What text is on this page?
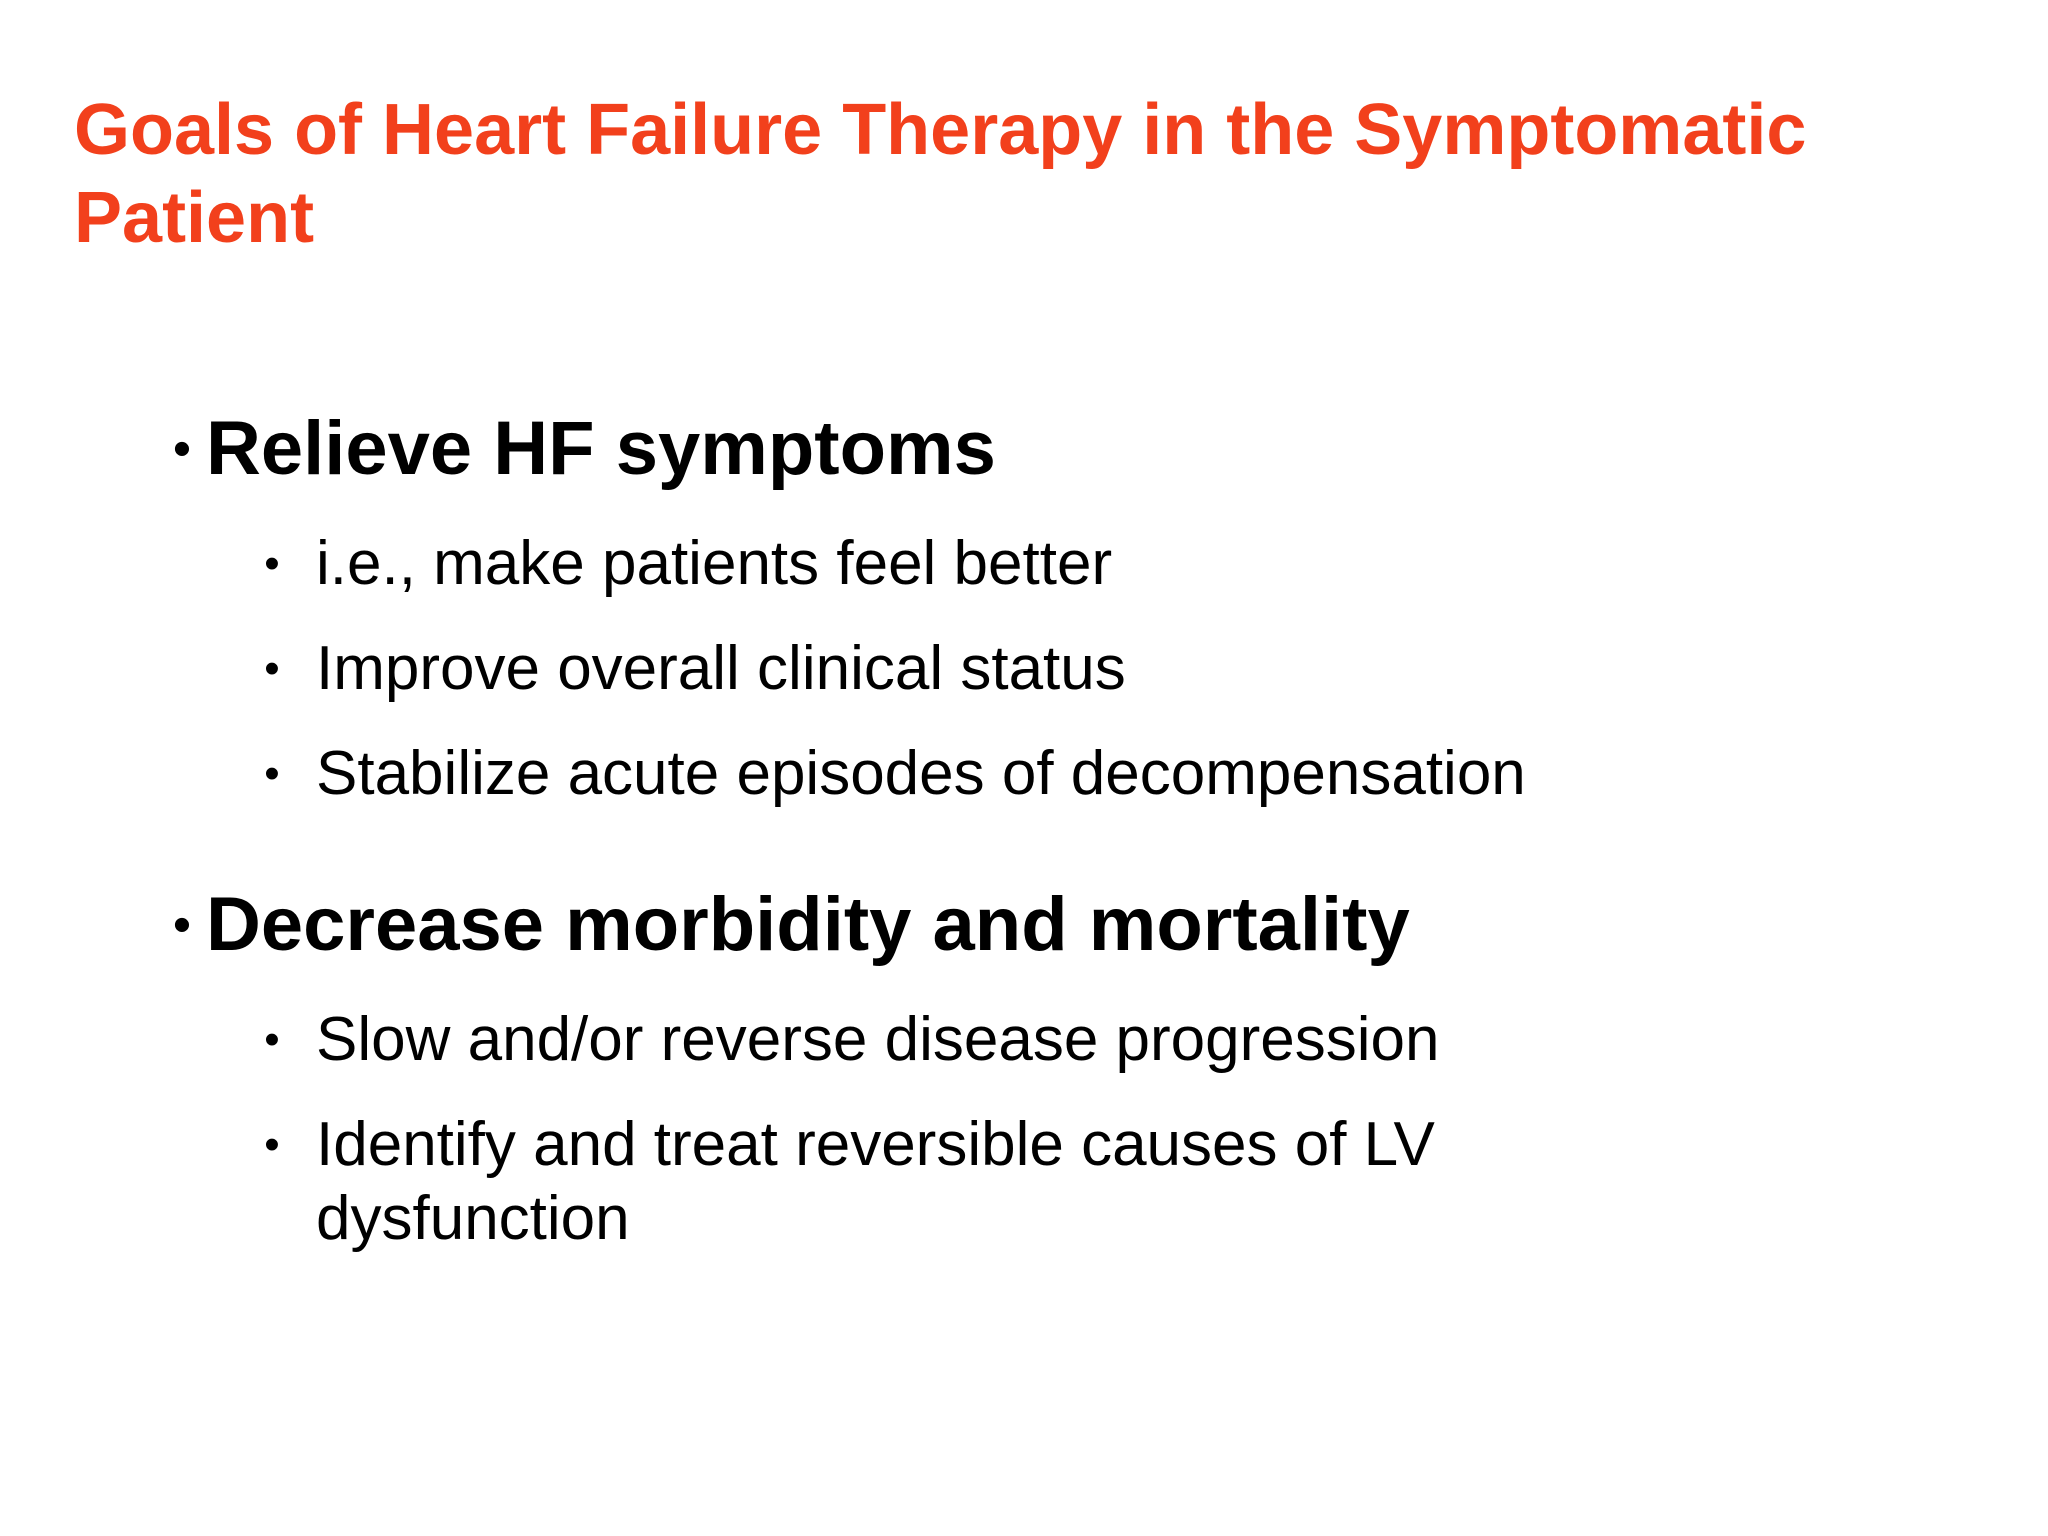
Goals of Heart Failure Therapy in the Symptomatic Patient
• Relieve HF symptoms
• i.e., make patients feel better
• Improve overall clinical status
• Stabilize acute episodes of decompensation
• Decrease morbidity and mortality
• Slow and/or reverse disease progression
• Identify and treat reversible causes of LV dysfunction
